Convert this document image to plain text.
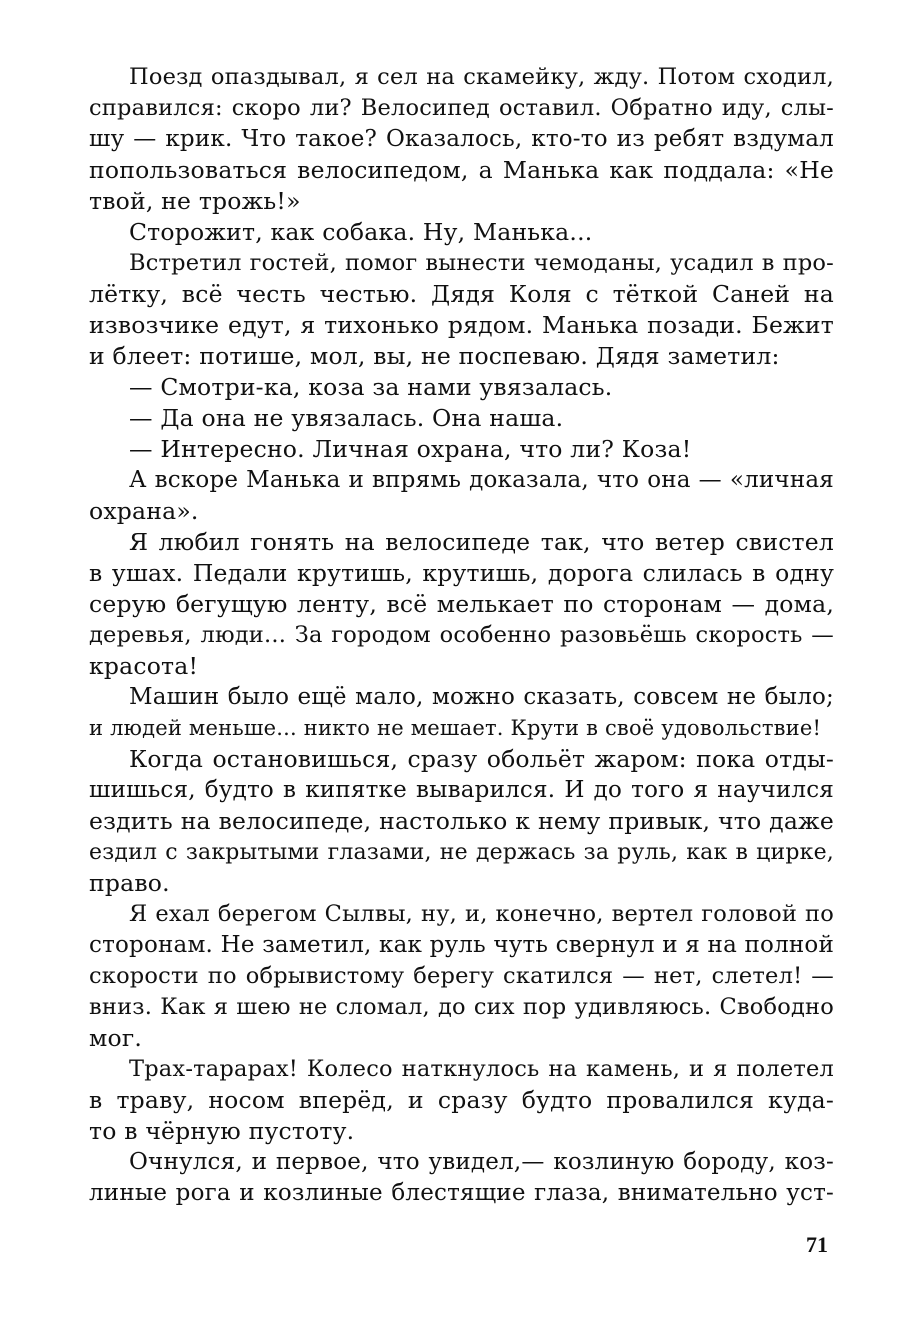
Поезд опаздывал, я сел на скамейку, жду. Потом сходил,
справился: скоро ли? Велосипед оставил. Обратно иду, слы-
шу — крик. Что такое? Оказалось, кто-то из ребят вздумал
попользоваться велосипедом, а Манька как поддала: «Не
твой, не трожь!»
Сторожит, как собака. Ну, Манька...
Встретил гостей, помог вынести чемоданы, усадил в про-
лётку, всё честь честью. Дядя Коля с тёткой Саней на
извозчике едут, я тихонько рядом. Манька позади. Бежит
и блеет: потише, мол, вы, не поспеваю. Дядя заметил:
— Смотри-ка, коза за нами увязалась.
— Да она не увязалась. Она наша.
— Интересно. Личная охрана, что ли? Коза!
А вскоре Манька и впрямь доказала, что она — «личная
охрана».
Я любил гонять на велосипеде так, что ветер свистел
в ушах. Педали крутишь, крутишь, дорога слилась в одну
серую бегущую ленту, всё мелькает по сторонам — дома,
деревья, люди... За городом особенно разовьёшь скорость —
красота!
Машин было ещё мало, можно сказать, совсем не было;
и людей меньше... никто не мешает. Крути в своё удовольствие!
Когда остановишься, сразу обольёт жаром: пока отды-
шишься, будто в кипятке выварился. И до того я научился
ездить на велосипеде, настолько к нему привык, что даже
ездил с закрытыми глазами, не держась за руль, как в цирке,
право.
Я ехал берегом Сылвы, ну, и, конечно, вертел головой по
сторонам. Не заметил, как руль чуть свернул и я на полной
скорости по обрывистому берегу скатился — нет, слетел! —
вниз. Как я шею не сломал, до сих пор удивляюсь. Свободно
мог.
Трах-тарарах! Колесо наткнулось на камень, и я полетел
в траву, носом вперёд, и сразу будто провалился куда-
то в чёрную пустоту.
Очнулся, и первое, что увидел,— козлиную бороду, коз-
линые рога и козлиные блестящие глаза, внимательно уст-
71
